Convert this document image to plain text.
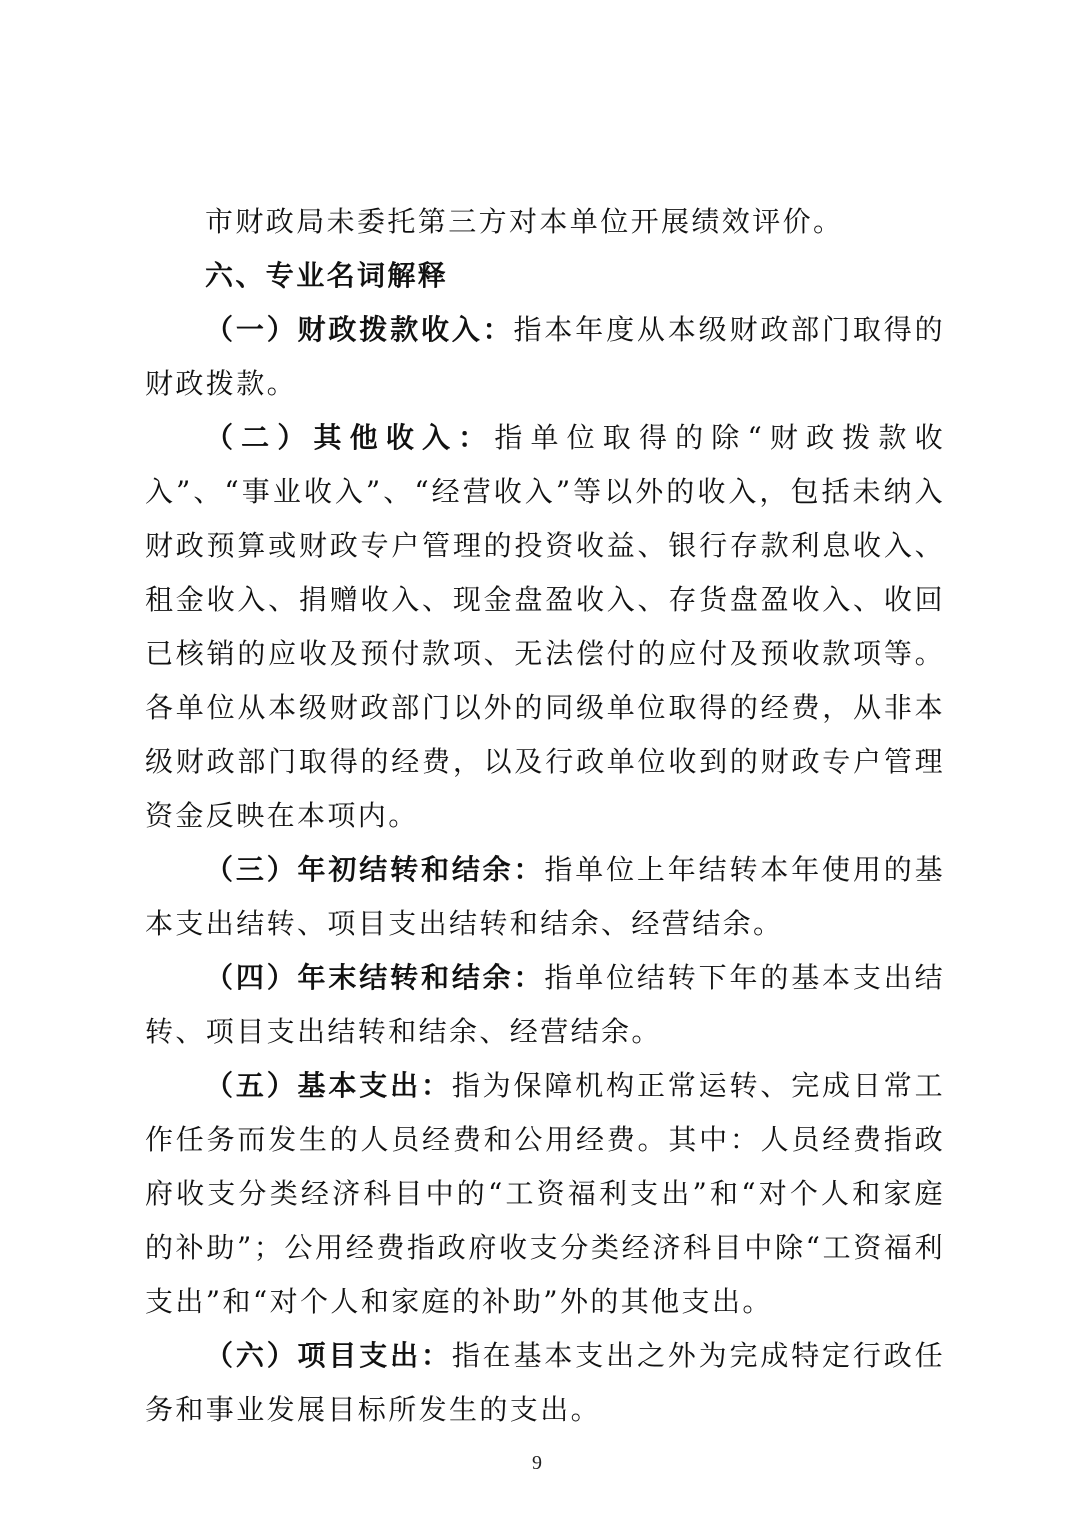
市财政局未委托第三方对本单位开展绩效评价。

六、专业名词解释

（一）财政拨款收入：指本年度从本级财政部门取得的财政拨款。

（二）其他收入：指单位取得的除“财政拨款收入”、“事业收入”、“经营收入”等以外的收入，包括未纳入财政预算或财政专户管理的投资收益、银行存款利息收入、租金收入、捐赠收入、现金盘盈收入、存货盘盈收入、收回已核销的应收及预付款项、无法偿付的应付及预收款项等。各单位从本级财政部门以外的同级单位取得的经费，从非本级财政部门取得的经费，以及行政单位收到的财政专户管理资金反映在本项内。

（三）年初结转和结余：指单位上年结转本年使用的基本支出结转、项目支出结转和结余、经营结余。

（四）年末结转和结余：指单位结转下年的基本支出结转、项目支出结转和结余、经营结余。

（五）基本支出：指为保障机构正常运转、完成日常工作任务而发生的人员经费和公用经费。其中：人员经费指政府收支分类经济科目中的“工资福利支出”和“对个人和家庭的补助”；公用经费指政府收支分类经济科目中除“工资福利支出”和“对个人和家庭的补助”外的其他支出。

（六）项目支出：指在基本支出之外为完成特定行政任务和事业发展目标所发生的支出。

9
